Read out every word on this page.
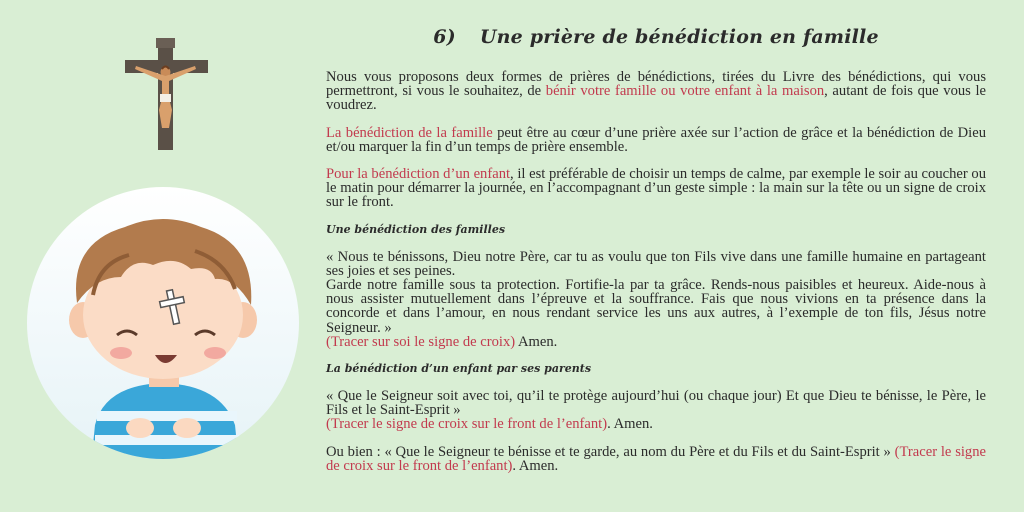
6) Une prière de bénédiction en famille

Nous vous proposons deux formes de prières de bénédictions, tirées du Livre des bénédictions, qui vous permettront, si vous le souhaitez, de bénir votre famille ou votre enfant à la maison, autant de fois que vous le voudrez.

La bénédiction de la famille peut être au cœur d’une prière axée sur l’action de grâce et la bénédiction de Dieu et/ou marquer la fin d’un temps de prière ensemble.

Pour la bénédiction d’un enfant, il est préférable de choisir un temps de calme, par exemple le soir au coucher ou le matin pour démarrer la journée, en l’accompagnant d’un geste simple : la main sur la tête ou un signe de croix sur le front.

Une bénédiction des familles

« Nous te bénissons, Dieu notre Père, car tu as voulu que ton Fils vive dans une famille humaine en partageant ses joies et ses peines.

Garde notre famille sous ta protection. Fortifie-la par ta grâce. Rends-nous paisibles et heureux. Aide-nous à nous assister mutuellement dans l’épreuve et la souffrance. Fais que nous vivions en ta présence dans la concorde et dans l’amour, en nous rendant service les uns aux autres, à l’exemple de ton fils, Jésus notre Seigneur. »

(Tracer sur soi le signe de croix) Amen.

La bénédiction d’un enfant par ses parents

« Que le Seigneur soit avec toi, qu’il te protège aujourd’hui (ou chaque jour) Et que Dieu te bénisse, le Père, le Fils et le Saint-Esprit »

(Tracer le signe de croix sur le front de l’enfant). Amen.

Ou bien : « Que le Seigneur te bénisse et te garde, au nom du Père et du Fils et du Saint-Esprit » (Tracer le signe de croix sur le front de l’enfant). Amen.
